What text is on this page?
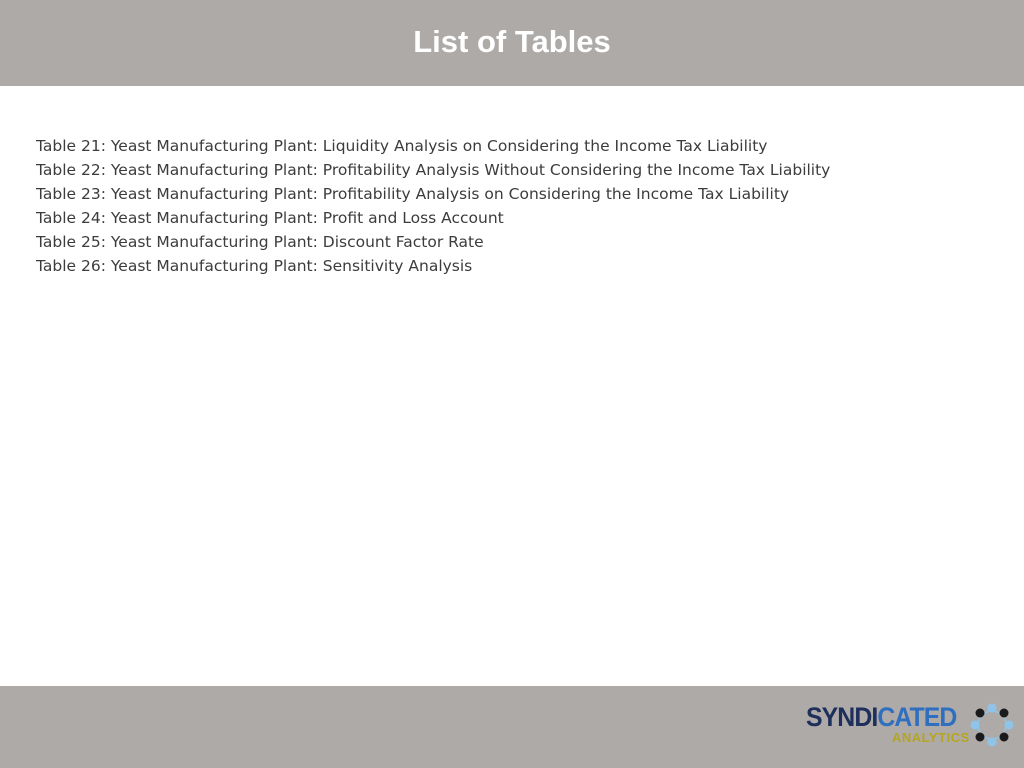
List of Tables
Table 21: Yeast Manufacturing Plant: Liquidity Analysis on Considering the Income Tax Liability
Table 22: Yeast Manufacturing Plant: Profitability Analysis Without Considering the Income Tax Liability
Table 23: Yeast Manufacturing Plant: Profitability Analysis on Considering the Income Tax Liability
Table 24: Yeast Manufacturing Plant: Profit and Loss Account
Table 25: Yeast Manufacturing Plant: Discount Factor Rate
Table 26: Yeast Manufacturing Plant: Sensitivity Analysis
SYNDICATED
ANALYTICS
